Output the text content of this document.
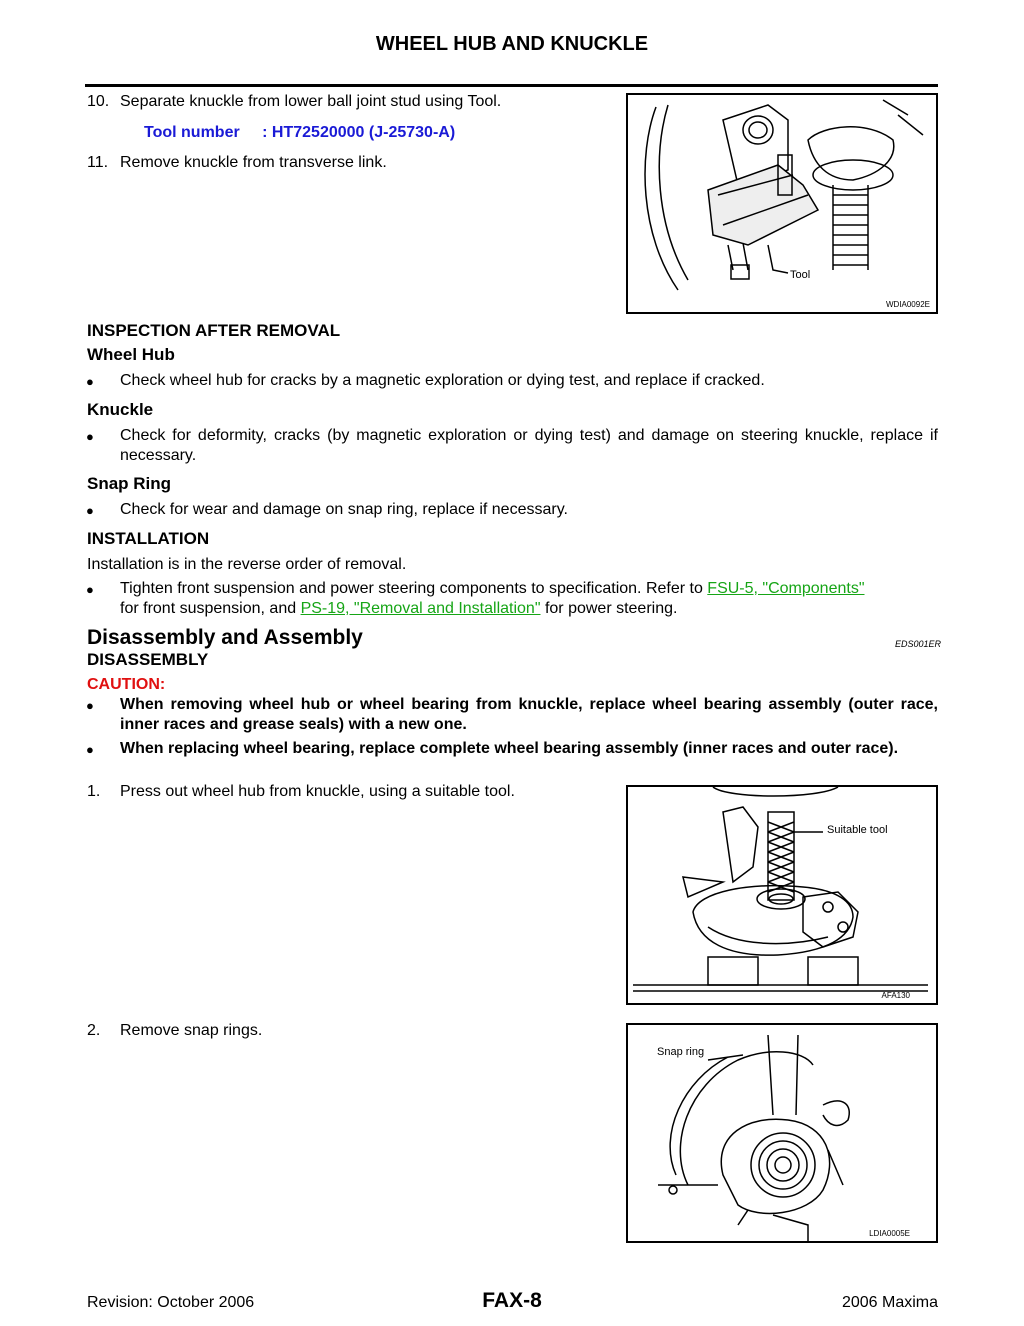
WHEEL HUB AND KNUCKLE
10. Separate knuckle from lower ball joint stud using Tool.
Tool number : HT72520000 (J-25730-A)
11. Remove knuckle from transverse link.
Tool
WDIA0092E
INSPECTION AFTER REMOVAL
Wheel Hub
● Check wheel hub for cracks by a magnetic exploration or dying test, and replace if cracked.
Knuckle
● Check for deformity, cracks (by magnetic exploration or dying test) and damage on steering knuckle, replace if necessary.
Snap Ring
● Check for wear and damage on snap ring, replace if necessary.
INSTALLATION
Installation is in the reverse order of removal.
● Tighten front suspension and power steering components to specification. Refer to FSU-5, "Components"
for front suspension, and PS-19, "Removal and Installation" for power steering.
Disassembly and Assembly	EDS001ER
DISASSEMBLY
CAUTION:
● When removing wheel hub or wheel bearing from knuckle, replace wheel bearing assembly (outer race, inner races and grease seals) with a new one.
● When replacing wheel bearing, replace complete wheel bearing assembly (inner races and outer race).
1. Press out wheel hub from knuckle, using a suitable tool.
Suitable tool
AFA130
2. Remove snap rings.
Snap ring
LDIA0005E
Revision: October 2006	FAX-8	2006 Maxima
